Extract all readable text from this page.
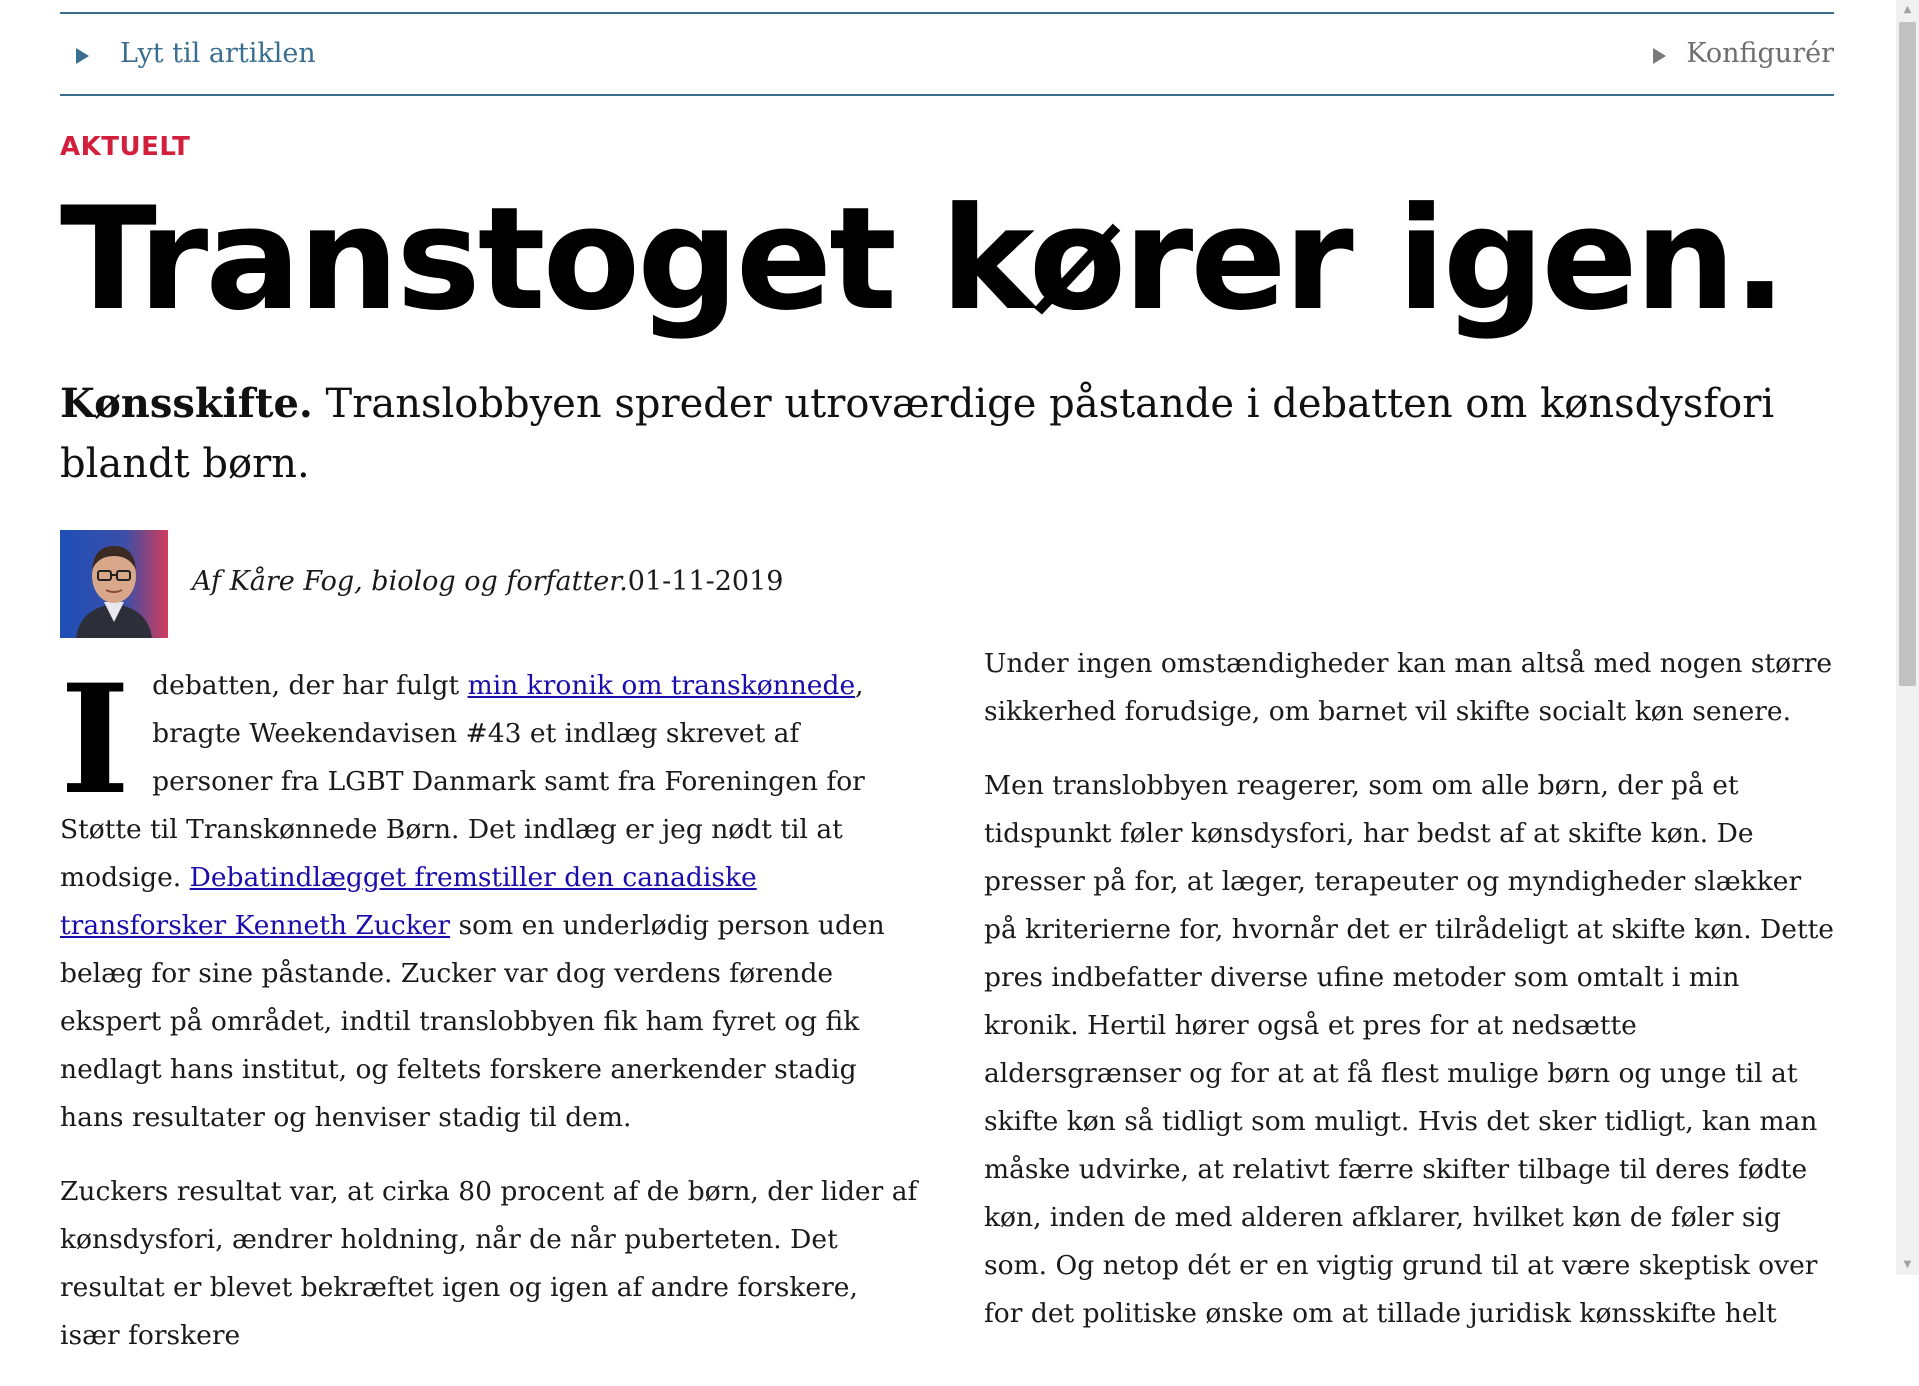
Lyt til artiklen	Konfigurér
AKTUELT
Transtoget kører igen.

Kønsskifte. Translobbyen spreder utroværdige påstande i debatten om kønsdysfori blandt børn.

Af Kåre Fog, biolog og forfatter.01-11-2019

Idebatten, der har fulgt min kronik om transkønnede, bragte Weekendavisen #43 et indlæg skrevet af personer fra LGBT Danmark samt fra Foreningen for Støtte til Transkønnede Børn. Det indlæg er jeg nødt til at modsige. Debatindlægget fremstiller den canadiske transforsker Kenneth Zucker som en underlødig person uden belæg for sine påstande. Zucker var dog verdens førende ekspert på området, indtil translobbyen fik ham fyret og fik nedlagt hans institut, og feltets forskere anerkender stadig hans resultater og henviser stadig til dem.

Zuckers resultat var, at cirka 80 procent af de børn, der lider af kønsdysfori, ændrer holdning, når de når puberteten. Det resultat er blevet bekræftet igen og igen af andre forskere, især forskere

Under ingen omstændigheder kan man altså med nogen større sikkerhed forudsige, om barnet vil skifte socialt køn senere.

Men translobbyen reagerer, som om alle børn, der på et tidspunkt føler kønsdysfori, har bedst af at skifte køn. De presser på for, at læger, terapeuter og myndigheder slækker på kriterierne for, hvornår det er tilrådeligt at skifte køn. Dette pres indbefatter diverse ufine metoder som omtalt i min kronik. Hertil hører også et pres for at nedsætte aldersgrænser og for at at få flest mulige børn og unge til at skifte køn så tidligt som muligt. Hvis det sker tidligt, kan man måske udvirke, at relativt færre skifter tilbage til deres fødte køn, inden de med alderen afklarer, hvilket køn de føler sig som. Og netop dét er en vigtig grund til at være skeptisk over for det politiske ønske om at tillade juridisk kønsskifte helt

▲
▼
